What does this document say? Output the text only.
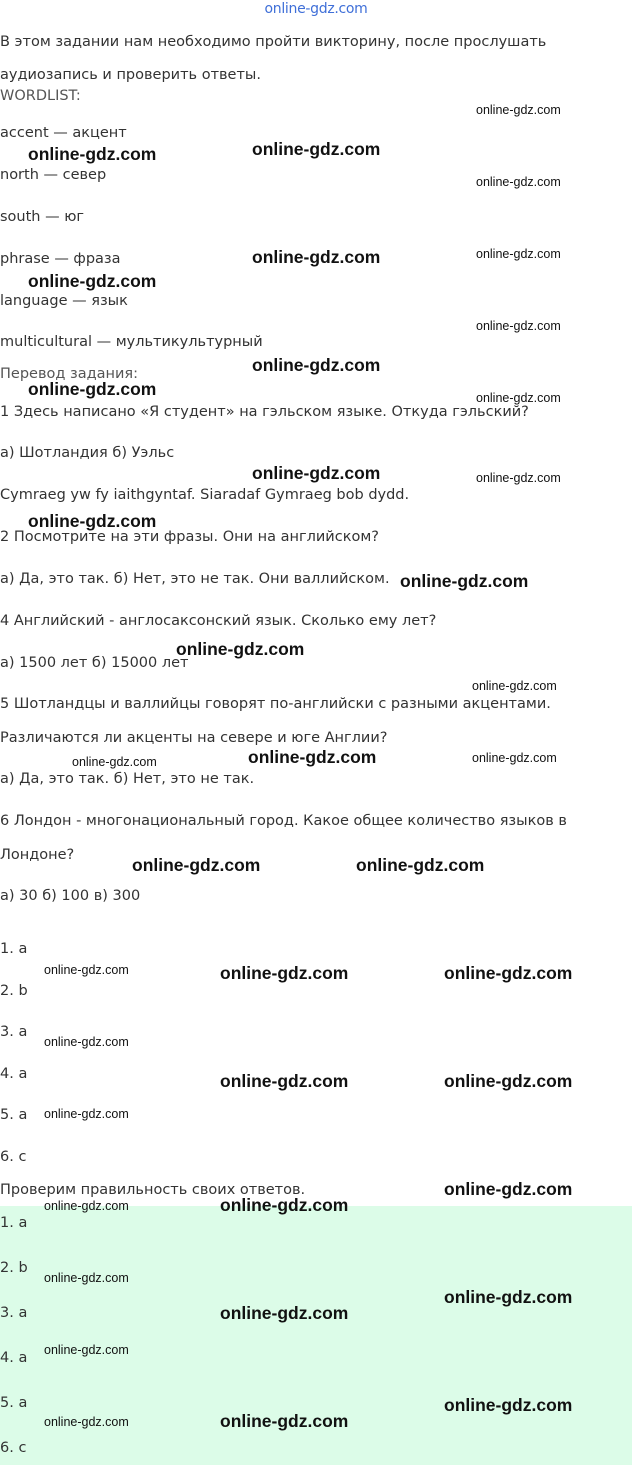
online-gdz.com

В этом задании нам необходимо пройти викторину, после прослушать

аудиозапись и проверить ответы.

WORDLIST:

accent — акцент

north — север

south — юг

phrase — фраза

language — язык

multicultural — мультикультурный

Перевод задания:

1 Здесь написано «Я студент» на гэльском языке. Откуда гэльский?

а) Шотландия б) Уэльс

Cymraeg yw fy iaithgyntaf. Siaradaf Gymraeg bob dydd.

2 Посмотрите на эти фразы. Они на английском?

а) Да, это так. б) Нет, это не так. Они валлийском.

4 Английский - англосаксонский язык. Сколько ему лет?

а) 1500 лет б) 15000 лет

5 Шотландцы и валлийцы говорят по-английски с разными акцентами.

Различаются ли акценты на севере и юге Англии?

а) Да, это так. б) Нет, это не так.

6 Лондон - многонациональный город. Какое общее количество языков в

Лондоне?

а) 30 б) 100 в) 300

1. a

2. b

3. a

4. a

5. a

6. c

Проверим правильность своих ответов.

1. a

2. b

3. a

4. a

5. a

6. c

online-gdz.com	online-gdz.com
online-gdz.com
online-gdz.com
online-gdz.com
online-gdz.com
online-gdz.com
online-gdz.com
online-gdz.com
online-gdz.com
online-gdz.com
online-gdz.com	online-gdz.com
online-gdz.com	online-gdz.com
online-gdz.com	online-gdz.com
online-gdz.com
online-gdz.com
online-gdz.com
online-gdz.com
online-gdz.com
online-gdz.com
online-gdz.com
online-gdz.com
online-gdz.com
online-gdz.com
online-gdz.com
online-gdz.com
online-gdz.com
online-gdz.com	online-gdz.com
online-gdz.com
online-gdz.com
online-gdz.com
online-gdz.com
online-gdz.com
online-gdz.com
online-gdz.com
